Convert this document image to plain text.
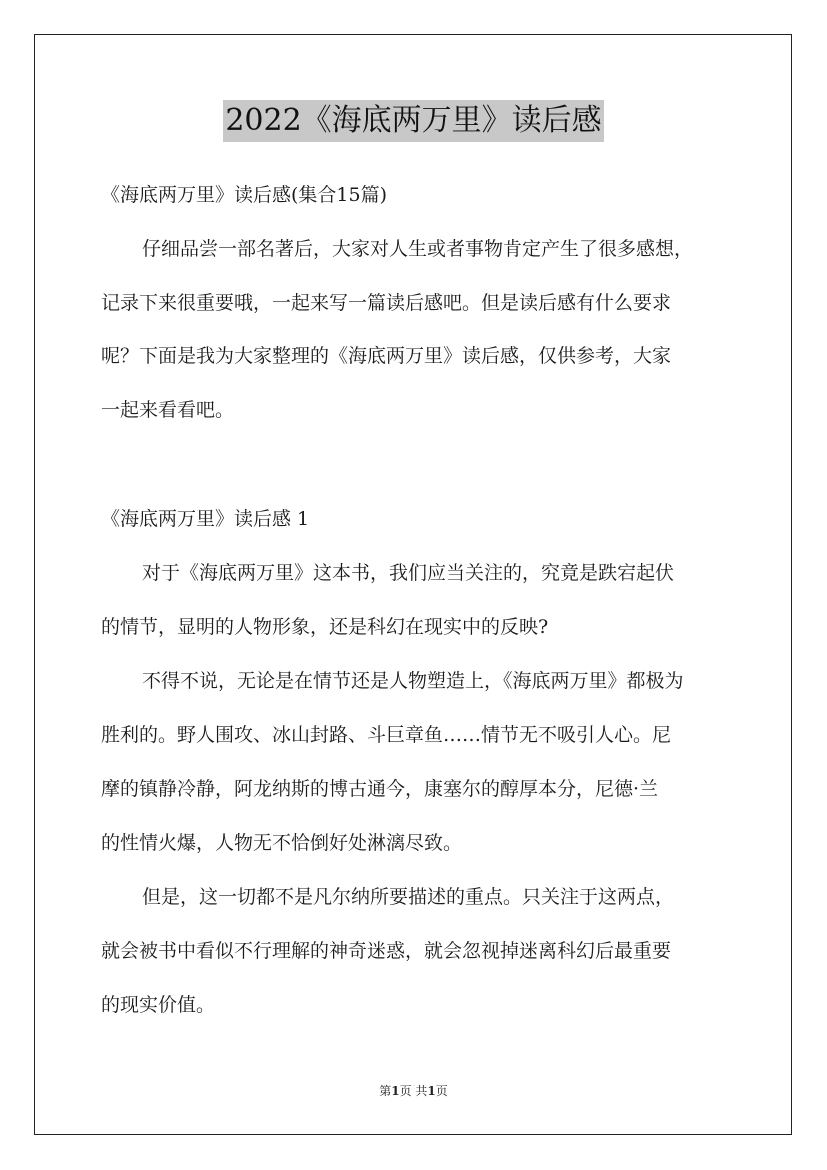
2022《海底两万里》读后感
《海底两万里》读后感(集合15篇)
仔细品尝一部名著后，大家对人生或者事物肯定产生了很多感想，
记录下来很重要哦，一起来写一篇读后感吧。但是读后感有什么要求
呢？下面是我为大家整理的《海底两万里》读后感，仅供参考，大家
一起来看看吧。
《海底两万里》读后感 1
对于《海底两万里》这本书，我们应当关注的，究竟是跌宕起伏
的情节，显明的人物形象，还是科幻在现实中的反映?
不得不说，无论是在情节还是人物塑造上，《海底两万里》都极为
胜利的。野人围攻、冰山封路、斗巨章鱼……情节无不吸引人心。尼
摩的镇静冷静，阿龙纳斯的博古通今，康塞尔的醇厚本分，尼德·兰
的性情火爆，人物无不恰倒好处淋漓尽致。
但是，这一切都不是凡尔纳所要描述的重点。只关注于这两点，
就会被书中看似不行理解的神奇迷惑，就会忽视掉迷离科幻后最重要
的现实价值。
第1页 共1页
